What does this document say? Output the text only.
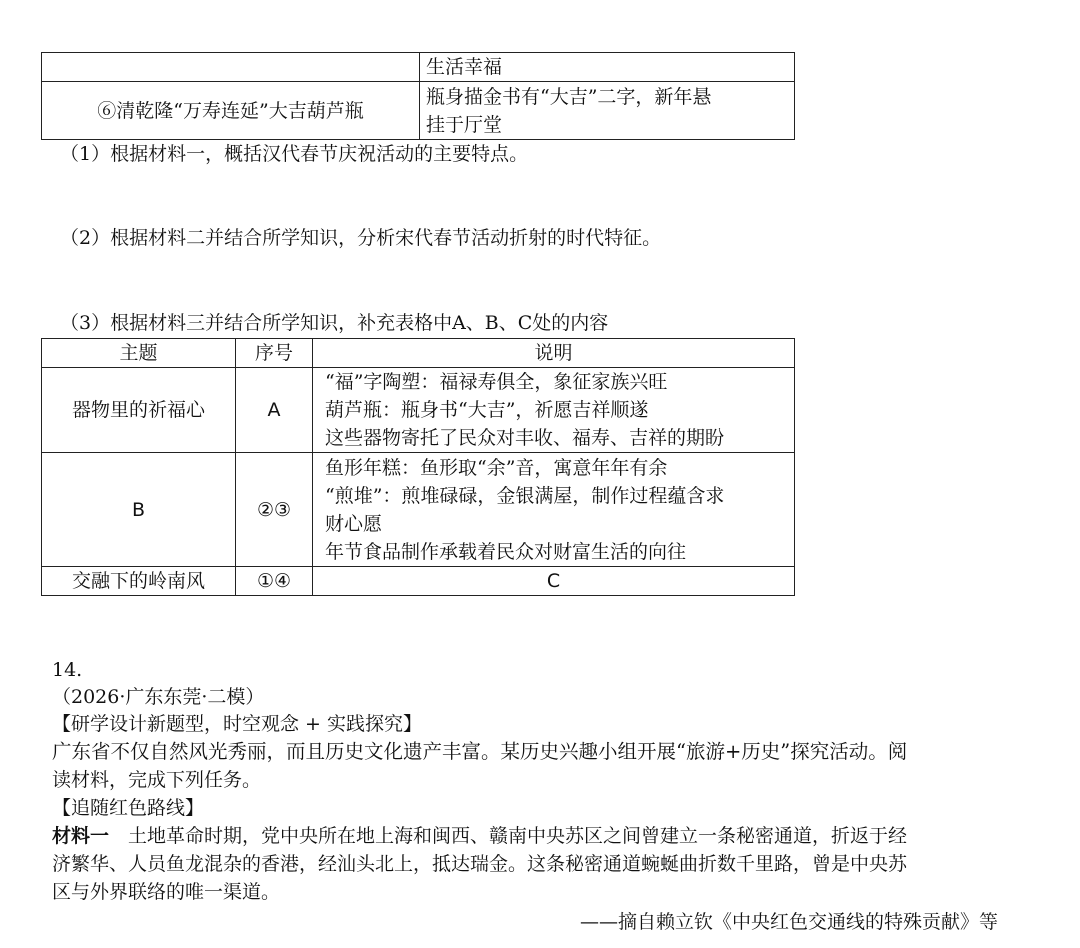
	生活幸福
⑥清乾隆“万寿连延”大吉葫芦瓶	瓶身描金书有“大吉”二字，新年悬
挂于厅堂
（1）根据材料一，概括汉代春节庆祝活动的主要特点。
（2）根据材料二并结合所学知识，分析宋代春节活动折射的时代特征。
（3）根据材料三并结合所学知识，补充表格中A、B、C处的内容
主题	序号	说明
器物里的祈福心	A	“福”字陶塑：福禄寿俱全，象征家族兴旺
葫芦瓶：瓶身书“大吉”，祈愿吉祥顺遂
这些器物寄托了民众对丰收、福寿、吉祥的期盼

B	②③	鱼形年糕：鱼形取“余”音，寓意年年有余
“煎堆”：煎堆碌碌，金银满屋，制作过程蕴含求
财心愿
年节食品制作承载着民众对财富生活的向往

交融下的岭南风	①④	C
14.
（2026·广东东莞·二模）
【研学设计新题型，时空观念 + 实践探究】
广东省不仅自然风光秀丽，而且历史文化遗产丰富。某历史兴趣小组开展“旅游+历史”探究活动。阅
读材料，完成下列任务。
【追随红色路线】
材料一　土地革命时期，党中央所在地上海和闽西、赣南中央苏区之间曾建立一条秘密通道，折返于经
济繁华、人员鱼龙混杂的香港，经汕头北上，抵达瑞金。这条秘密通道蜿蜒曲折数千里路，曾是中央苏
区与外界联络的唯一渠道。
——摘自赖立钦《中央红色交通线的特殊贡献》等
